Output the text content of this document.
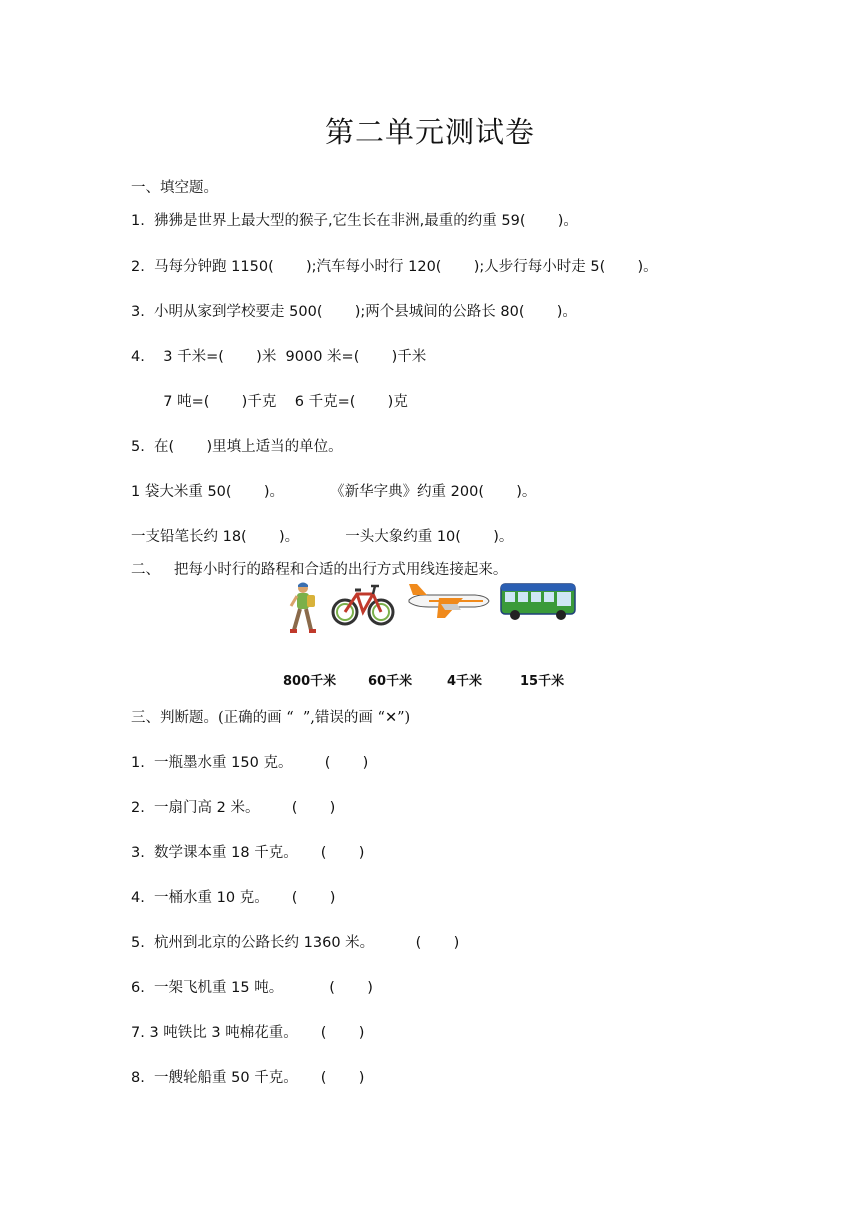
第二单元测试卷
一、填空题。
1.  狒狒是世界上最大型的猴子,它生长在非洲,最重的约重 59(       )。
2.  马每分钟跑 1150(       );汽车每小时行 120(       );人步行每小时走 5(       )。
3.  小明从家到学校要走 500(       );两个县城间的公路长 80(       )。
4.    3 千米=(       )米  9000 米=(       )千米
7 吨=(       )千克    6 千克=(       )克
5.  在(       )里填上适当的单位。
1 袋大米重 50(       )。          《新华字典》约重 200(       )。
一支铅笔长约 18(       )。          一头大象约重 10(       )。
二、   把每小时行的路程和合适的出行方式用线连接起来。
800千米 60千米	4千米	15千米
三、判断题。(正确的画 “  ”,错误的画 “✕”)
1.  一瓶墨水重 150 克。       (       )
2.  一扇门高 2 米。       (       )
3.  数学课本重 18 千克。     (       )
4.  一桶水重 10 克。     (       )
5.  杭州到北京的公路长约 1360 米。         (       )
6.  一架飞机重 15 吨。          (       )
7. 3 吨铁比 3 吨棉花重。     (       )
8.  一艘轮船重 50 千克。     (       )
